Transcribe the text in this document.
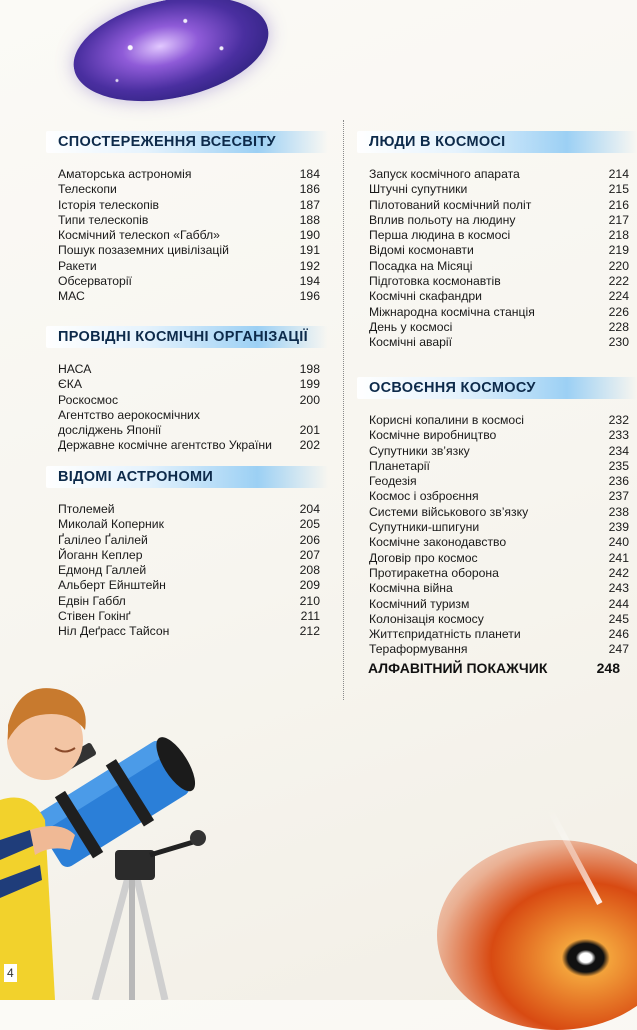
СПОСТЕРЕЖЕННЯ ВСЕСВІТУ
Аматорська астрономія	184
Телескопи	186
Історія телескопів	187
Типи телескопів	188
Космічний телескоп «Габбл»	190
Пошук позаземних цивілізацій	191
Ракети	192
Обсерваторії	194
МАС	196
ПРОВІДНІ КОСМІЧНІ ОРГАНІЗАЦІЇ
НАСА	198
ЄКА	199
Роскосмос	200
Агентство аерокосмічних
досліджень Японії	201
Державне космічне агентство України	202
ВІДОМІ АСТРОНОМИ
Птолемей	204
Миколай Коперник	205
Ґалілео Ґалілей	206
Йоганн Кеплер	207
Едмонд Галлей	208
Альберт Ейнштейн	209
Едвін Габбл	210
Стівен Гокінґ	211
Ніл Деґрасс Тайсон	212
ЛЮДИ В КОСМОСІ
Запуск космічного апарата	214
Штучні супутники	215
Пілотований космічний політ	216
Вплив польоту на людину	217
Перша людина в космосі	218
Відомі космонавти	219
Посадка на Місяці	220
Підготовка космонавтів	222
Космічні скафандри	224
Міжнародна космічна станція	226
День у космосі	228
Космічні аварії	230
ОСВОЄННЯ КОСМОСУ
Корисні копалини в космосі	232
Космічне виробництво	233
Супутники зв’язку	234
Планетарії	235
Геодезія	236
Космос і озброєння	237
Системи військового зв’язку	238
Супутники-шпигуни	239
Космічне законодавство	240
Договір про космос	241
Протиракетна оборона	242
Космічна війна	243
Космічний туризм	244
Колонізація космосу	245
Життєпридатність планети	246
Тераформування	247
АЛФАВІТНИЙ ПОКАЖЧИК	248
4
